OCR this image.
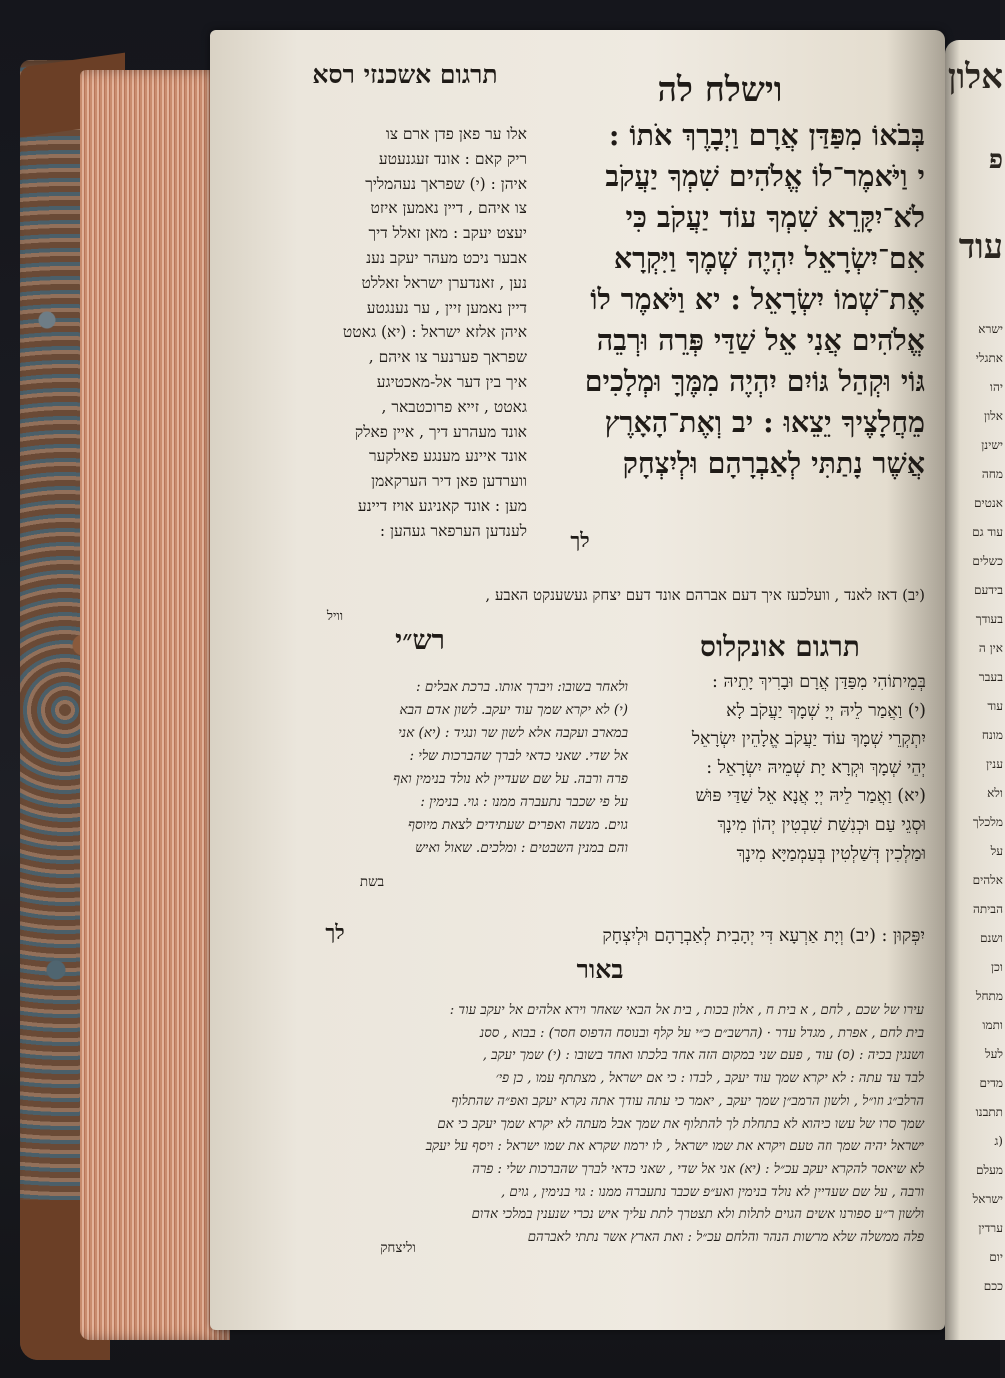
אלון
פ
עוד
ישרא
אתגלי
יהו
אלון
ישינן
מחה
אנטים
עוד גם
כשלים
בידעם
בעודך
אין ה
בעבר
עוד
מונח
ענין
ולא
מלכלך
על
אלהים
הביתה
ושנם
וכן
מתחל
ותמו
לעל
מדים
תתבנו
(ג
מעלם
ישראל
ערדין
יום
ככם
תרגום אשכנזי רסא	וישלח לה
אלו ער פאן פדן ארם צו
ריק קאם : אונד זעגנעטע
איהן : (י) שפראך נעהמליך
צו איהם , דיין נאמען איזט
יעצט יעקב : מאן זאלל דיך
אבער ניכט מעהר יעקב נענ
נען , זאנדערן ישראל זאללט
דיין נאמען זיין , ער נענגטע
איהן אלזא ישראל : (יא) גאטט
שפראך פערנער צו איהם ,
איך בין דער אל-מאכטיגע
גאטט , זייא פרוכטבאר ,
אונד מעהרע דיך , איין פאלק
אונד איינע מענגע פאלקער
ווערדען פאן דיר הערקאמן
מען : אונד קאניגע אויז דיינע
לענדען הערפאר געהען :
בְּבֹאוֹ מִפַּדַּן אֲרָם וַיְבָרֶךְ אֹתוֹ :
י וַיֹּאמֶר־לוֹ אֱלֹהִים שִׁמְךָ יַעֲקֹב
לֹא־יִקָּרֵא שִׁמְךָ עוֹד יַעֲקֹב כִּי
אִם־יִשְׂרָאֵל יִהְיֶה שְׁמֶךָ וַיִּקְרָא
אֶת־שְׁמוֹ יִשְׂרָאֵל : יא וַיֹּאמֶר לוֹ
אֱלֹהִים אֲנִי אֵל שַׁדַּי פְּרֵה וּרְבֵה
גּוֹי וּקְהַל גּוֹיִם יִהְיֶה מִמֶּךָּ וּמְלָכִים
מֵחֲלָצֶיךָ יֵצֵאוּ : יב וְאֶת־הָאָרֶץ
אֲשֶׁר נָתַתִּי לְאַבְרָהָם וּלְיִצְחָק
לך
(יב) דאז לאנד , וועלכעז איך דעם אברהם אונד דעם יצחק געשענקט האבע ,
וויל
רש״י	תרגום אונקלוס
ולאחר בשובו: ויברך אותו. ברכת אבלים :
(י) לא יקרא שמך עוד יעקב. לשון אדם הבא
במארב ועקבה אלא לשון שר ונגיד : (יא) אני
אל שדי. שאני כדאי לברך שהברכות שלי :
פרה ורבה. על שם שעדיין לא נולד בנימין ואף
על פי שכבר נתעברה ממנו : גוי. בנימין :
גוים. מנשה ואפרים שעתידים לצאת מיוסף
והם במנין השבטים : ומלכים. שאול ואיש
בשת
בְּמֵיתוֹהִי מִפַּדַּן אֲרָם וּבָרִיךְ יָתֵיהּ :
(י) וַאֲמַר לֵיהּ יְיָ שְׁמָךְ יַעֲקֹב לָא
יִתְקְרֵי שְׁמָךְ עוֹד יַעֲקֹב אֱלָהֵין יִשְׂרָאֵל
יְהֵי שְׁמָךְ וּקְרָא יָת שְׁמֵיהּ יִשְׂרָאֵל :
(יא) וַאֲמַר לֵיהּ יְיָ אֲנָא אֵל שַׁדַּי פּוּשׁ
וּסְגֵי עַם וּכְנִשַׁת שִׁבְטִין יְהוֹן מִינָךְ
וּמַלְכִין דְּשַׁלְטִין בְּעַמְמַיָּא מִינָךְ
יִפְּקוּן : (יב) וְיָת אַרְעָא דִּי יְהָבִית לְאַבְרָהָם וּלְיִצְחָק
לך
באור
עירו של שכם , לחם , א בית ח , אלון בכות , בית אל הבאי שאחר וירא אלהים אל יעקב עוד :
בית לחם , אפרת , מגדל עדר · (הרשב״ם כ״י על קלף ובנוסח הדפוס חסר) : בבוא , ססנ
ושנגין בכיה : (ס) עוד , פעם שני במקום הזה אחד בלכתו ואחד בשובו : (י) שמך יעקב ,
לבד עד עתה : לא יקרא שמך עוד יעקב , לבדו : כי אם ישראל , מצתתף עמו , כן פי׳
הרלב״ג וזו״ל , ולשון הרמב״ן שמך יעקב , יאמר כי עתה עודך אתה נקרא יעקב ואפ״ה שהתלוף
שמך סרו של עשו כיהוא לא בתחלת לך להתלוף את שמך אבל מעתה לא יקרא שמך יעקב כי אם
ישראל יהיה שמך וזה טעם ויקרא את שמו ישראל , לו ירמוז שקרא את שמו ישראל : ויסף על יעקב
לא שיאסר להקרא יעקב עכ״ל : (יא) אני אל שדי , שאני כדאי לברך שהברכות שלי : פרה
ורבה , על שם שעדיין לא נולד בנימין ואע״פ שכבר נתעברה ממנו : גוי בנימין , גוים ,
ולשון ר״ע ספורנו אשים הגוים לתלות ולא תצטרך לתת עליך איש נכרי שנענין במלכי אדום
פלה ממשלה שלא מרשות הנהר והלחם עכ״ל : ואת הארץ אשר נתתי לאברהם
וליצחק
